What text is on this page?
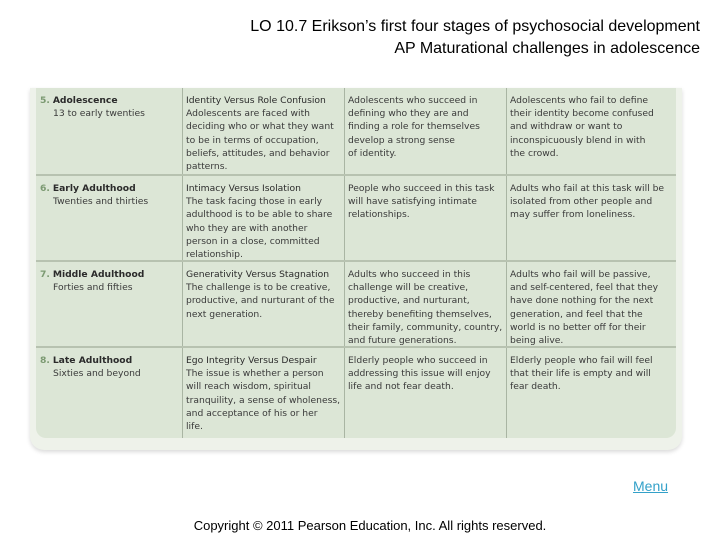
LO 10.7 Erikson’s first four stages of psychosocial development
AP Maturational challenges in adolescence
5. Adolescence
13 to early twenties
Identity Versus Role Confusion
Adolescents are faced with
deciding who or what they want
to be in terms of occupation,
beliefs, attitudes, and behavior
patterns.
Adolescents who succeed in
defining who they are and
finding a role for themselves
develop a strong sense
of identity.
Adolescents who fail to define
their identity become confused
and withdraw or want to
inconspicuously blend in with
the crowd.
6. Early Adulthood
Twenties and thirties
Intimacy Versus Isolation
The task facing those in early
adulthood is to be able to share
who they are with another
person in a close, committed
relationship.
People who succeed in this task
will have satisfying intimate
relationships.
Adults who fail at this task will be
isolated from other people and
may suffer from loneliness.
7. Middle Adulthood
Forties and fifties
Generativity Versus Stagnation
The challenge is to be creative,
productive, and nurturant of the
next generation.
Adults who succeed in this
challenge will be creative,
productive, and nurturant,
thereby benefiting themselves,
their family, community, country,
and future generations.
Adults who fail will be passive,
and self-centered, feel that they
have done nothing for the next
generation, and feel that the
world is no better off for their
being alive.
8. Late Adulthood
Sixties and beyond
Ego Integrity Versus Despair
The issue is whether a person
will reach wisdom, spiritual
tranquility, a sense of wholeness,
and acceptance of his or her
life.
Elderly people who succeed in
addressing this issue will enjoy
life and not fear death.
Elderly people who fail will feel
that their life is empty and will
fear death.
Menu
Copyright © 2011 Pearson Education, Inc. All rights reserved.
